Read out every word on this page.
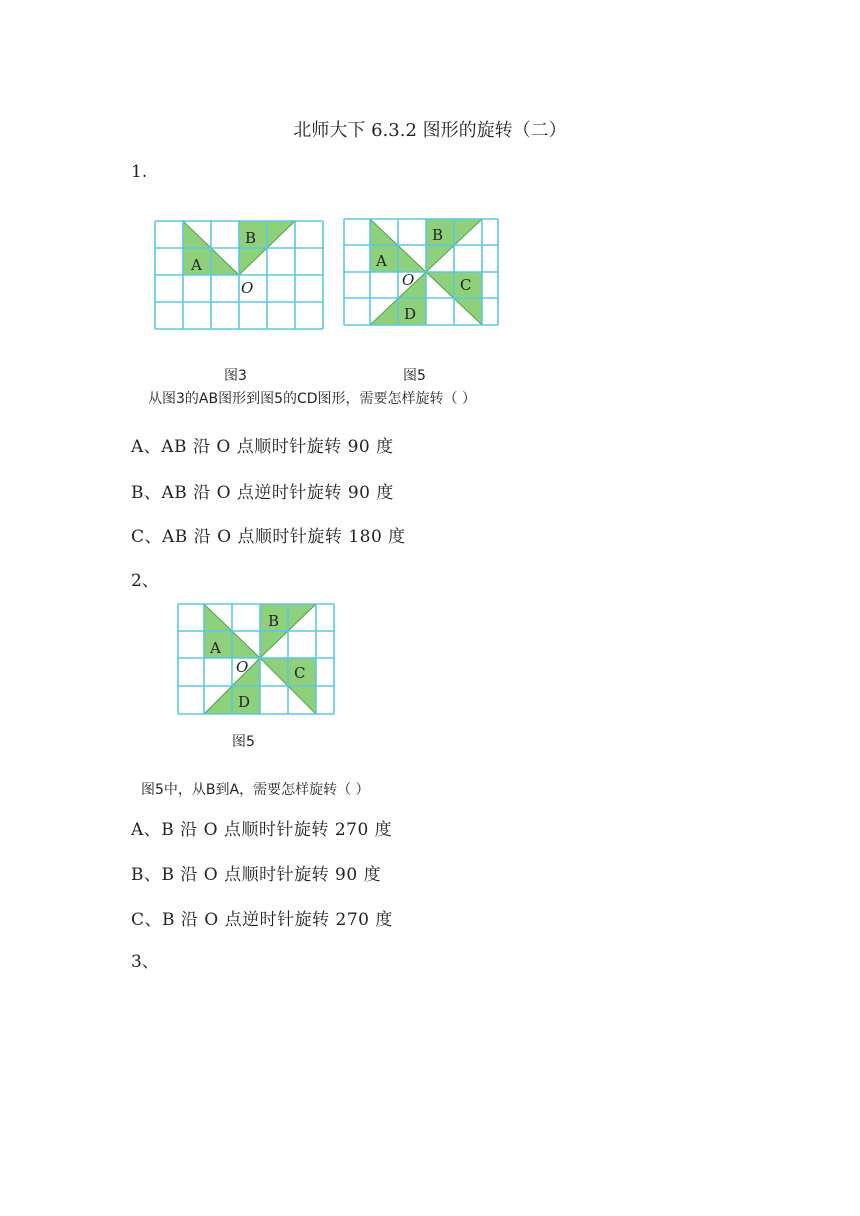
北师大下 6.3.2 图形的旋转（二）
1.
A
B
O
A
B
C
D
O
图3	图5
从图3的AB图形到图5的CD图形，需要怎样旋转（ ）
A、AB 沿 O 点顺时针旋转 90 度
B、AB 沿 O 点逆时针旋转 90 度
C、AB 沿 O 点顺时针旋转 180 度
2、
A
B
C
D
O
图5
图5中，从B到A，需要怎样旋转（ ）
A、B 沿 O 点顺时针旋转 270 度
B、B 沿 O 点顺时针旋转 90 度
C、B 沿 O 点逆时针旋转 270 度
3、
